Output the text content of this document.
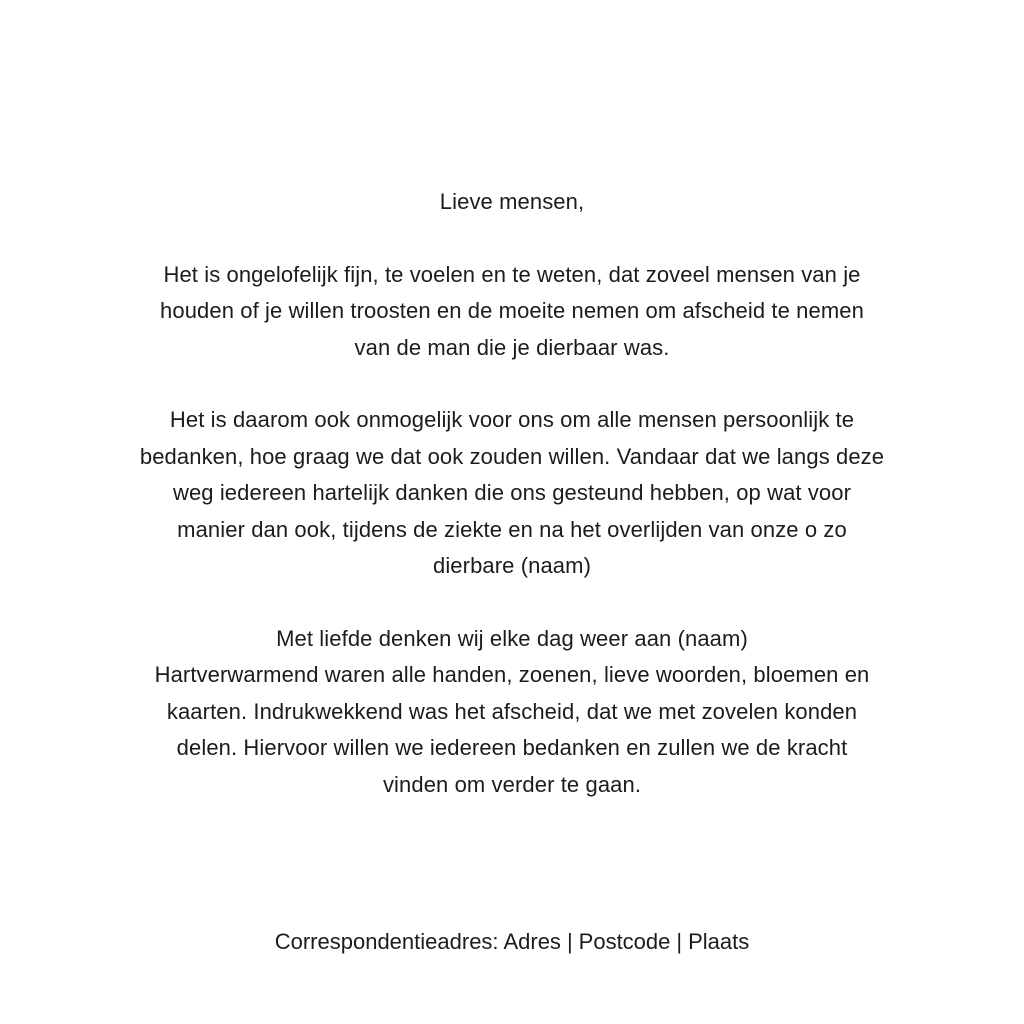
Lieve mensen,

Het is ongelofelijk fijn, te voelen en te weten, dat zoveel mensen van je
houden of je willen troosten en de moeite nemen om afscheid te nemen
van de man die je dierbaar was.

Het is daarom ook onmogelijk voor ons om alle mensen persoonlijk te
bedanken, hoe graag we dat ook zouden willen. Vandaar dat we langs deze
weg iedereen hartelijk danken die ons gesteund hebben, op wat voor
manier dan ook, tijdens de ziekte en na het overlijden van onze o zo
dierbare (naam)

Met liefde denken wij elke dag weer aan (naam)
Hartverwarmend waren alle handen, zoenen, lieve woorden, bloemen en
kaarten. Indrukwekkend was het afscheid, dat we met zovelen konden
delen. Hiervoor willen we iedereen bedanken en zullen we de kracht
vinden om verder te gaan.

Correspondentieadres: Adres | Postcode | Plaats
